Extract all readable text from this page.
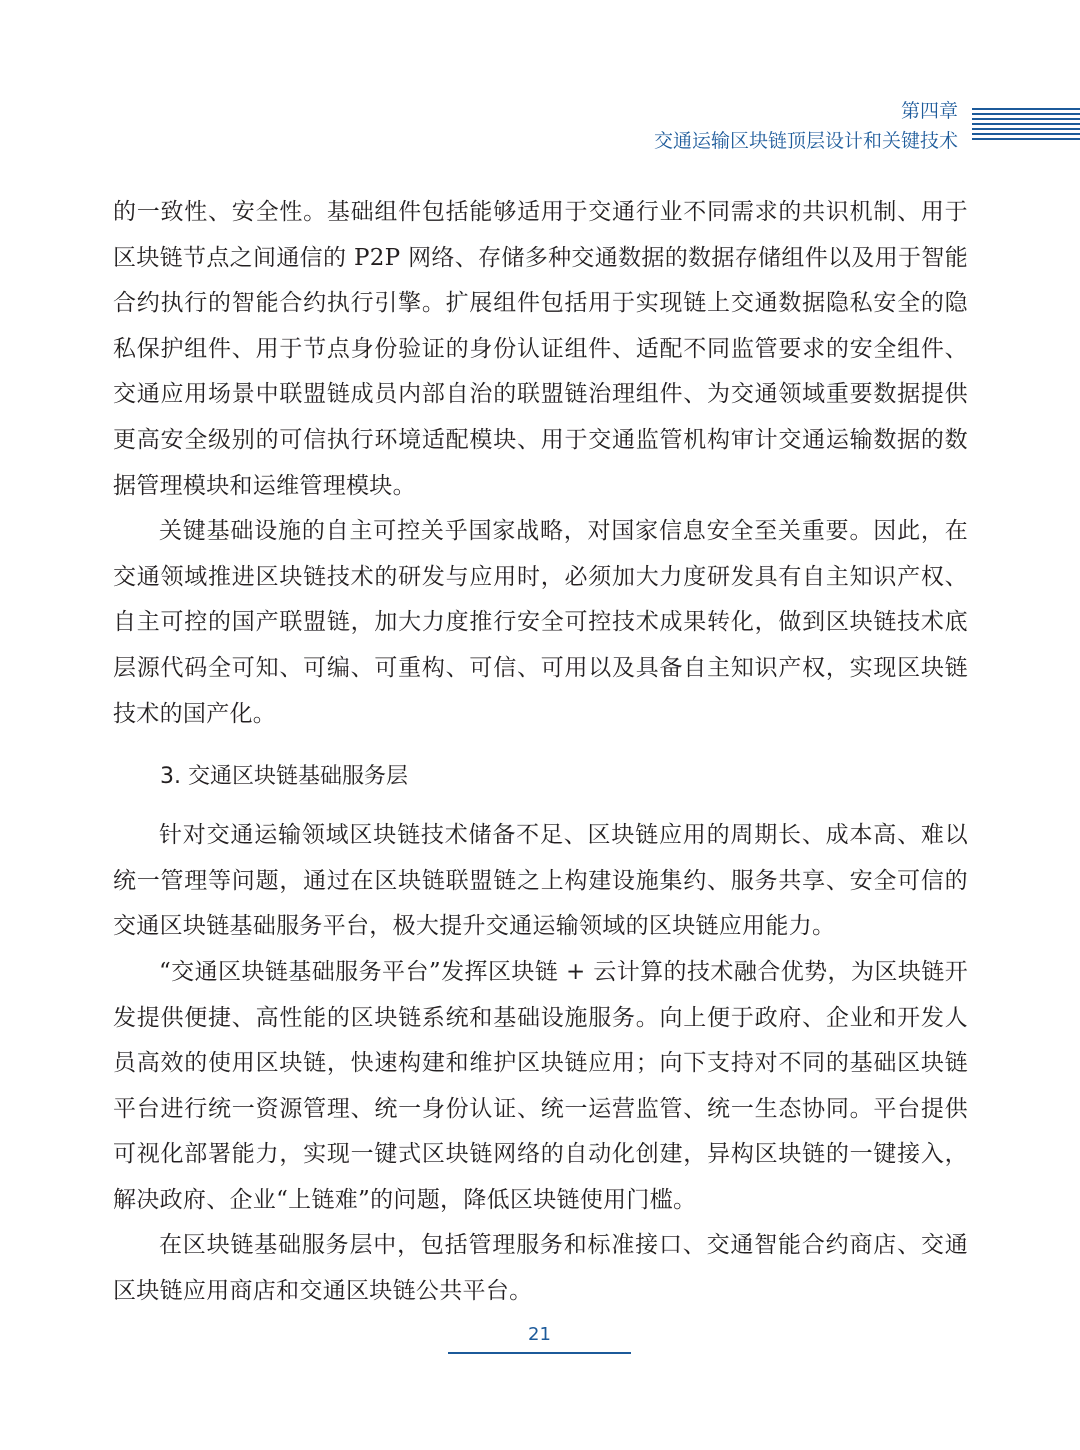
第四章
交通运输区块链顶层设计和关键技术

的一致性、安全性。基础组件包括能够适用于交通行业不同需求的共识机制、用于区块链节点之间通信的 P2P 网络、存储多种交通数据的数据存储组件以及用于智能合约执行的智能合约执行引擎。扩展组件包括用于实现链上交通数据隐私安全的隐私保护组件、用于节点身份验证的身份认证组件、适配不同监管要求的安全组件、交通应用场景中联盟链成员内部自治的联盟链治理组件、为交通领域重要数据提供更高安全级别的可信执行环境适配模块、用于交通监管机构审计交通运输数据的数据管理模块和运维管理模块。

关键基础设施的自主可控关乎国家战略，对国家信息安全至关重要。因此，在交通领域推进区块链技术的研发与应用时，必须加大力度研发具有自主知识产权、自主可控的国产联盟链，加大力度推行安全可控技术成果转化，做到区块链技术底层源代码全可知、可编、可重构、可信、可用以及具备自主知识产权，实现区块链技术的国产化。

3. 交通区块链基础服务层

针对交通运输领域区块链技术储备不足、区块链应用的周期长、成本高、难以统一管理等问题，通过在区块链联盟链之上构建设施集约、服务共享、安全可信的交通区块链基础服务平台，极大提升交通运输领域的区块链应用能力。

“交通区块链基础服务平台”发挥区块链 + 云计算的技术融合优势，为区块链开发提供便捷、高性能的区块链系统和基础设施服务。向上便于政府、企业和开发人员高效的使用区块链，快速构建和维护区块链应用；向下支持对不同的基础区块链平台进行统一资源管理、统一身份认证、统一运营监管、统一生态协同。平台提供可视化部署能力，实现一键式区块链网络的自动化创建，异构区块链的一键接入，解决政府、企业“上链难”的问题，降低区块链使用门槛。

在区块链基础服务层中，包括管理服务和标准接口、交通智能合约商店、交通区块链应用商店和交通区块链公共平台。

21
